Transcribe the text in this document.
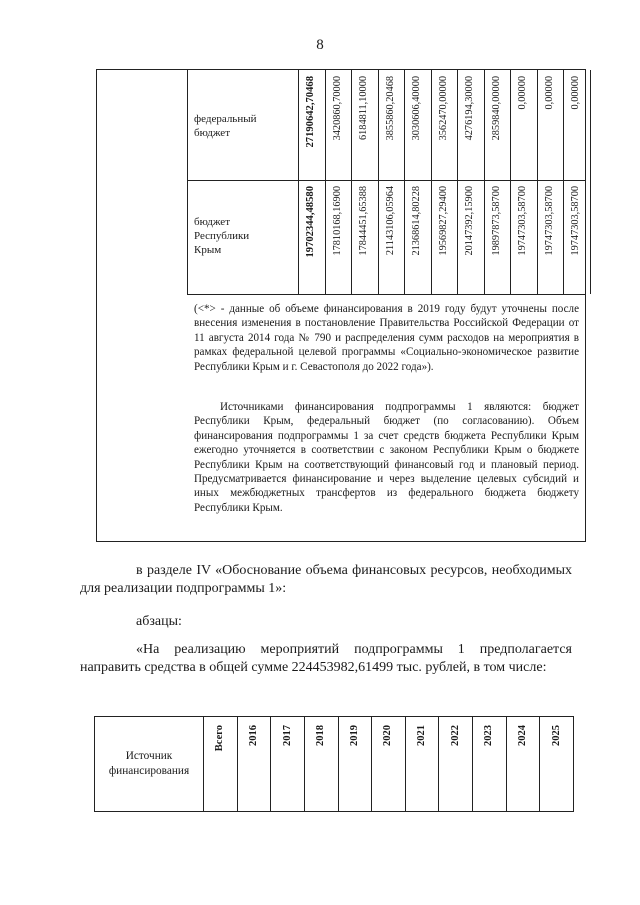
8
федеральный бюджет
бюджет Республики Крым

(<*> - данные об объеме финансирования в 2019 году будут уточнены после внесения изменения в постановление Правительства Российской Федерации от 11 августа 2014 года № 790 и распределения сумм расходов на мероприятия в рамках федеральной целевой программы «Социально-экономическое развитие Республики Крым и г. Севастополя до 2022 года»).

Источниками финансирования подпрограммы 1 являются: бюджет Республики Крым, федеральный бюджет (по согласованию). Объем финансирования подпрограммы 1 за счет средств бюджета Республики Крым ежегодно уточняется в соответствии с законом Республики Крым о бюджете Республики Крым на соответствующий финансовый год и плановый период. Предусматривается финансирование и через выделение целевых субсидий и иных межбюджетных трансфертов из федерального бюджета бюджету Республики Крым.

27190642,70468 3420860,70000 6184811,10000 3855860,20468 3030606,40000 3562470,00000 4276194,30000 2859840,00000 0,00000 0,00000 0,00000
19702344,48580 17810168,16900 17844451,65388 21143106,05964 21368614,80228 19569827,29400 20147392,15900 19897873,58700 19747303,58700 19747303,58700 19747303,58700

в разделе IV «Обоснование объема финансовых ресурсов, необходимых для реализации подпрограммы 1»:

абзацы:

«На реализацию мероприятий подпрограммы 1 предполагается направить средства в общей сумме 224453982,61499 тыс. рублей, в том числе:

Источник финансирования
Всего 2016 2017 2018 2019 2020 2021 2022 2023 2024 2025
